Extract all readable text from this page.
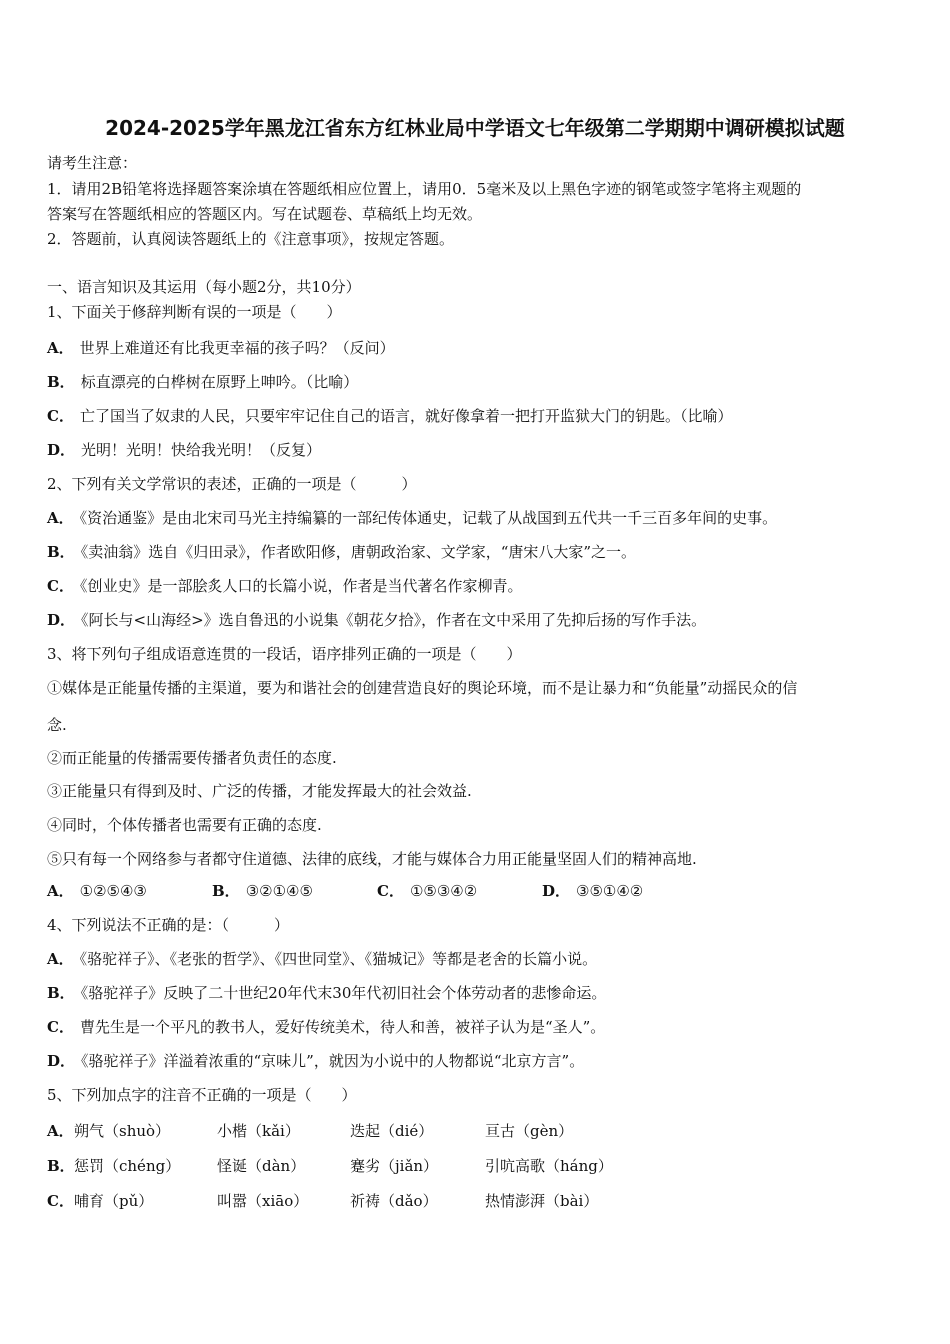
2024-2025学年黑龙江省东方红林业局中学语文七年级第二学期期中调研模拟试题
请考生注意：
1．请用2B铅笔将选择题答案涂填在答题纸相应位置上，请用0．5毫米及以上黑色字迹的钢笔或签字笔将主观题的
答案写在答题纸相应的答题区内。写在试题卷、草稿纸上均无效。
2．答题前，认真阅读答题纸上的《注意事项》，按规定答题。
一、语言知识及其运用（每小题2分，共10分）
1、下面关于修辞判断有误的一项是（　　）
A． 世界上难道还有比我更幸福的孩子吗？（反问）
B． 标直漂亮的白桦树在原野上呻吟。（比喻）
C． 亡了国当了奴隶的人民，只要牢牢记住自己的语言，就好像拿着一把打开监狱大门的钥匙。（比喻）
D． 光明！光明！快给我光明！（反复）
2、下列有关文学常识的表述，正确的一项是（　　　）
A． 《资治通鉴》是由北宋司马光主持编纂的一部纪传体通史，记载了从战国到五代共一千三百多年间的史事。
B． 《卖油翁》选自《归田录》，作者欧阳修，唐朝政治家、文学家，“唐宋八大家”之一。
C． 《创业史》是一部脍炙人口的长篇小说，作者是当代著名作家柳青。
D． 《阿长与<山海经>》选自鲁迅的小说集《朝花夕拾》，作者在文中采用了先抑后扬的写作手法。
3、将下列句子组成语意连贯的一段话，语序排列正确的一项是（　　）
①媒体是正能量传播的主渠道，要为和谐社会的创建营造良好的舆论环境，而不是让暴力和“负能量”动摇民众的信
念.
②而正能量的传播需要传播者负责任的态度.
③正能量只有得到及时、广泛的传播，才能发挥最大的社会效益.
④同时，个体传播者也需要有正确的态度.
⑤只有每一个网络参与者都守住道德、法律的底线，才能与媒体合力用正能量坚固人们的精神高地.
A． ①②⑤④③	B． ③②①④⑤	C． ①⑤③④②	D． ③⑤①④②
4、下列说法不正确的是：（　　　）
A． 《骆驼祥子》、《老张的哲学》、《四世同堂》、《猫城记》等都是老舍的长篇小说。
B． 《骆驼祥子》反映了二十世纪20年代末30年代初旧社会个体劳动者的悲惨命运。
C． 曹先生是一个平凡的教书人，爱好传统美术，待人和善，被祥子认为是“圣人”。
D． 《骆驼祥子》洋溢着浓重的“京味儿”，就因为小说中的人物都说“北京方言”。
5、下列加点字的注音不正确的一项是（　　）
A． 朔气（shuò）	小楷（kǎi）	迭起（dié）	亘古（gèn）
B． 惩罚（chéng） 怪诞（dàn）	蹇劣（jiǎn）	引吭高歌（háng）
C． 哺育（pǔ）	叫嚣（xiāo）	祈祷（dǎo）	热情澎湃（bài）
